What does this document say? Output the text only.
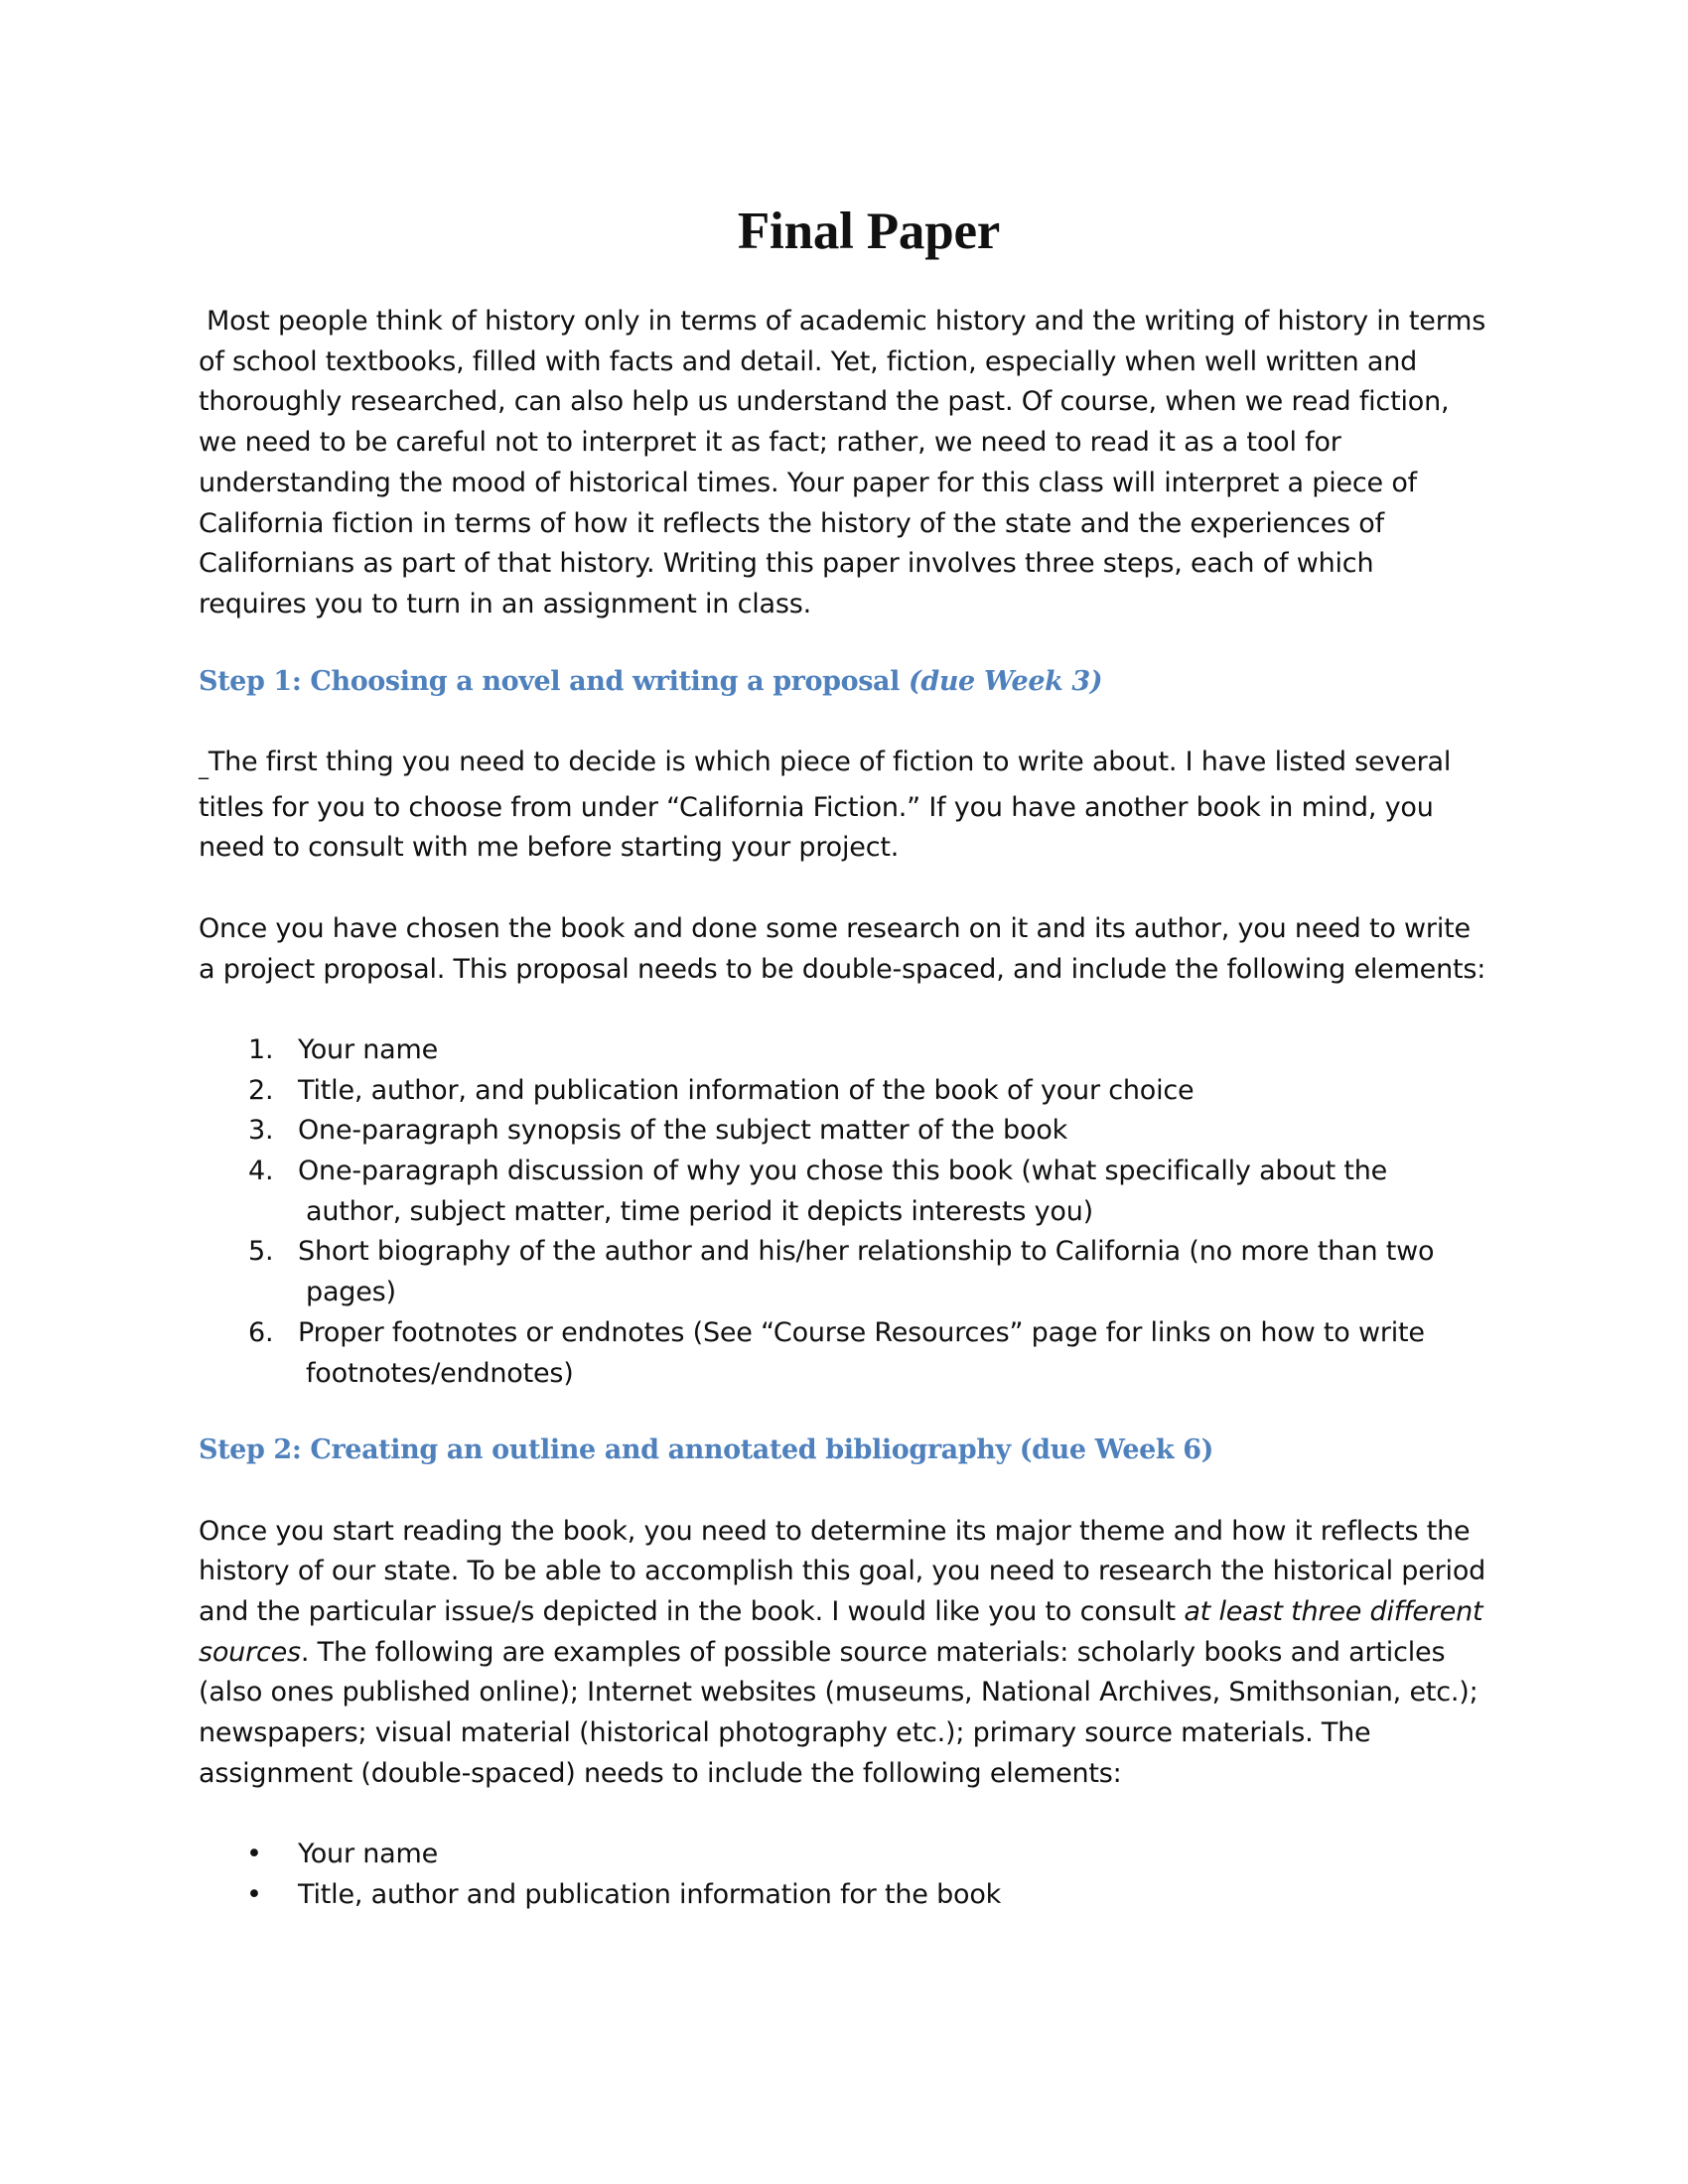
Final Paper

Most people think of history only in terms of academic history and the writing of history in terms of school textbooks, filled with facts and detail. Yet, fiction, especially when well written and thoroughly researched, can also help us understand the past. Of course, when we read fiction, we need to be careful not to interpret it as fact; rather, we need to read it as a tool for understanding the mood of historical times. Your paper for this class will interpret a piece of California fiction in terms of how it reflects the history of the state and the experiences of Californians as part of that history. Writing this paper involves three steps, each of which requires you to turn in an assignment in class.

Step 1: Choosing a novel and writing a proposal (due Week 3)

_The first thing you need to decide is which piece of fiction to write about. I have listed several titles for you to choose from under “California Fiction.” If you have another book in mind, you need to consult with me before starting your project.

Once you have chosen the book and done some research on it and its author, you need to write a project proposal. This proposal needs to be double-spaced, and include the following elements:

1. Your name
2. Title, author, and publication information of the book of your choice
3. One-paragraph synopsis of the subject matter of the book
4. One-paragraph discussion of why you chose this book (what specifically about the
author, subject matter, time period it depicts interests you)
5. Short biography of the author and his/her relationship to California (no more than two
pages)
6. Proper footnotes or endnotes (See “Course Resources” page for links on how to write
footnotes/endnotes)
Step 2: Creating an outline and annotated bibliography (due Week 6)

Once you start reading the book, you need to determine its major theme and how it reflects the history of our state. To be able to accomplish this goal, you need to research the historical period and the particular issue/s depicted in the book. I would like you to consult at least three different sources. The following are examples of possible source materials: scholarly books and articles (also ones published online); Internet websites (museums, National Archives, Smithsonian, etc.); newspapers; visual material (historical photography etc.); primary source materials. The assignment (double-spaced) needs to include the following elements:

• Your name
• Title, author and publication information for the book
